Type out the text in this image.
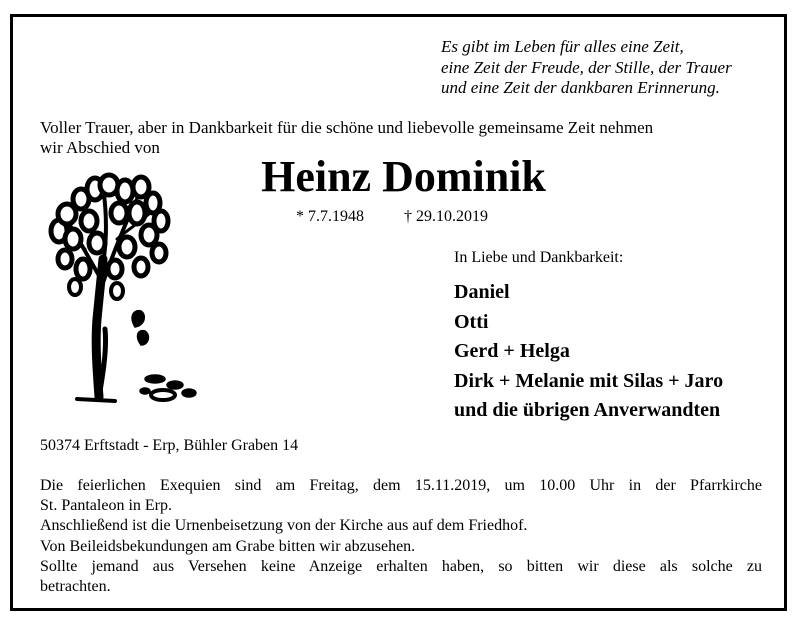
Es gibt im Leben für alles eine Zeit,
eine Zeit der Freude, der Stille, der Trauer
und eine Zeit der dankbaren Erinnerung.
Voller Trauer, aber in Dankbarkeit für die schöne und liebevolle gemeinsame Zeit nehmen
wir Abschied von
Heinz Dominik
* 7.7.1948	† 29.10.2019
In Liebe und Dankbarkeit:
Daniel
Otti
Gerd + Helga
Dirk + Melanie mit Silas + Jaro
und die übrigen Anverwandten
50374 Erftstadt - Erp, Bühler Graben 14
Die feierlichen Exequien sind am Freitag, dem 15.11.2019, um 10.00 Uhr in der Pfarrkirche
St. Pantaleon in Erp.
Anschließend ist die Urnenbeisetzung von der Kirche aus auf dem Friedhof.
Von Beileidsbekundungen am Grabe bitten wir abzusehen.
Sollte jemand aus Versehen keine Anzeige erhalten haben, so bitten wir diese als solche zu
betrachten.
